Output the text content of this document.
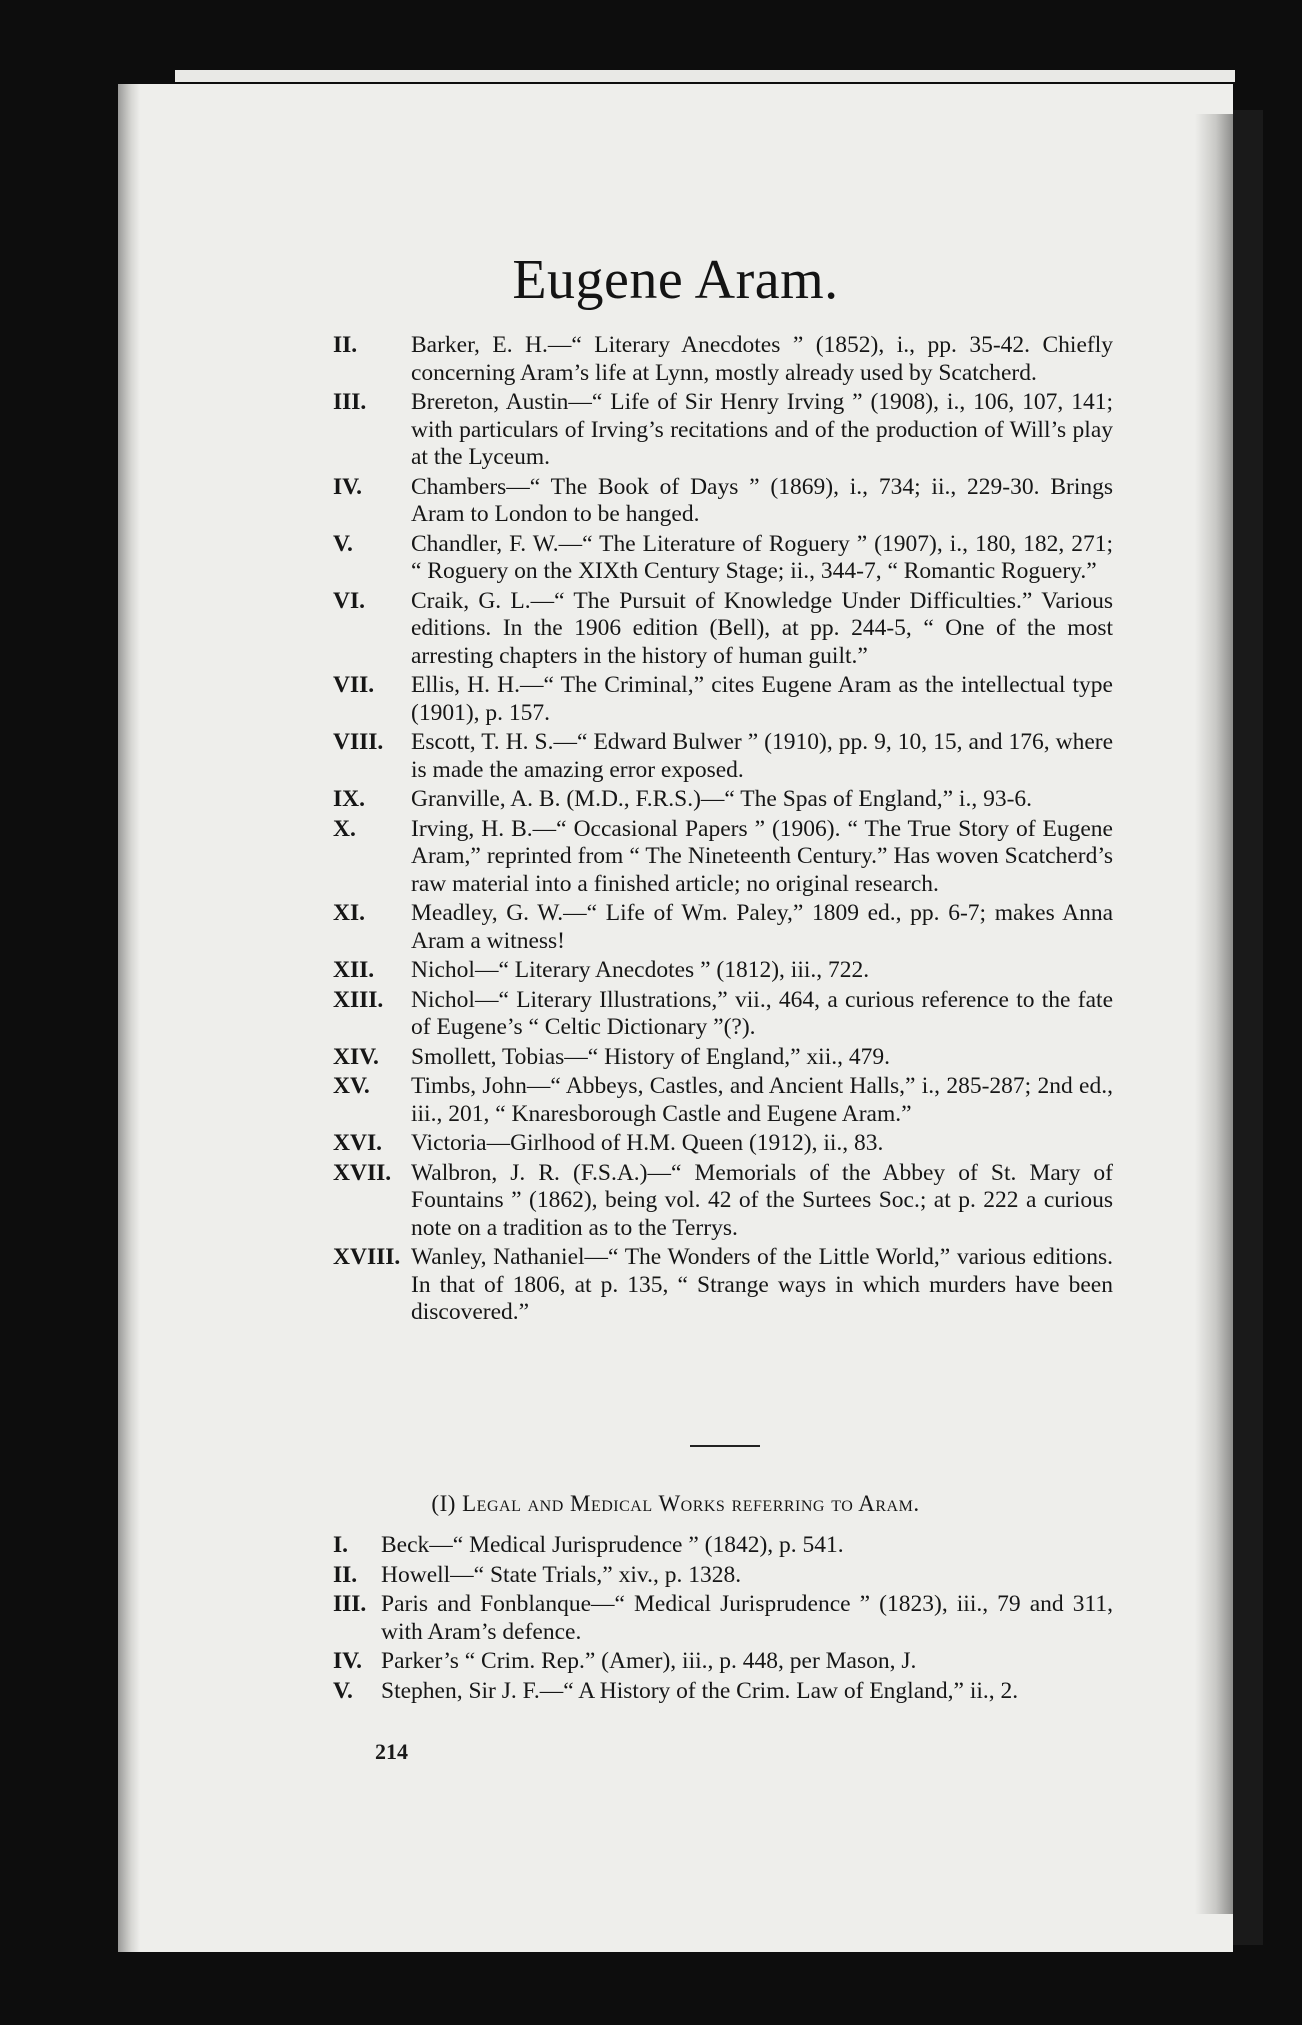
Eugene Aram.
II.	Barker, E. H.—“ Literary Anecdotes ” (1852), i., pp. 35-42. Chiefly concerning Aram’s life at Lynn, mostly already used by Scatcherd.
III.	Brereton, Austin—“ Life of Sir Henry Irving ” (1908), i., 106, 107, 141; with particulars of Irving’s recitations and of the production of Will’s play at the Lyceum.
IV.	Chambers—“ The Book of Days ” (1869), i., 734; ii., 229-30. Brings Aram to London to be hanged.
V.	Chandler, F. W.—“ The Literature of Roguery ” (1907), i., 180, 182, 271; “ Roguery on the XIXth Century Stage; ii., 344-7, “ Romantic Roguery.”
VI.	Craik, G. L.—“ The Pursuit of Knowledge Under Difficulties.” Various editions. In the 1906 edition (Bell), at pp. 244-5, “ One of the most arresting chapters in the history of human guilt.”
VII.	Ellis, H. H.—“ The Criminal,” cites Eugene Aram as the intellectual type (1901), p. 157.
VIII.	Escott, T. H. S.—“ Edward Bulwer ” (1910), pp. 9, 10, 15, and 176, where is made the amazing error exposed.
IX.	Granville, A. B. (M.D., F.R.S.)—“ The Spas of England,” i., 93-6.
X.	Irving, H. B.—“ Occasional Papers ” (1906). “ The True Story of Eugene Aram,” reprinted from “ The Nineteenth Century.” Has woven Scatcherd’s raw material into a finished article; no original research.
XI.	Meadley, G. W.—“ Life of Wm. Paley,” 1809 ed., pp. 6-7; makes Anna Aram a witness!
XII.	Nichol—“ Literary Anecdotes ” (1812), iii., 722.
XIII.	Nichol—“ Literary Illustrations,” vii., 464, a curious reference to the fate of Eugene’s “ Celtic Dictionary ”(?).
XIV.	Smollett, Tobias—“ History of England,” xii., 479.
XV.	Timbs, John—“ Abbeys, Castles, and Ancient Halls,” i., 285-287; 2nd ed., iii., 201, “ Knaresborough Castle and Eugene Aram.”
XVI.	Victoria—Girlhood of H.M. Queen (1912), ii., 83.
XVII. Walbron, J. R. (F.S.A.)—“ Memorials of the Abbey of St. Mary of Fountains ” (1862), being vol. 42 of the Surtees Soc.; at p. 222 a curious note on a tradition as to the Terrys.
XVIII. Wanley, Nathaniel—“ The Wonders of the Little World,” various editions. In that of 1806, at p. 135, “ Strange ways in which murders have been discovered.”
(I) Legal and Medical Works referring to Aram.
I.	Beck—“ Medical Jurisprudence ” (1842), p. 541.
II.	Howell—“ State Trials,” xiv., p. 1328.
III. Paris and Fonblanque—“ Medical Jurisprudence ” (1823), iii., 79 and 311, with Aram’s defence.
IV. Parker’s “ Crim. Rep.” (Amer), iii., p. 448, per Mason, J.
V.	Stephen, Sir J. F.—“ A History of the Crim. Law of England,” ii., 2.
214
